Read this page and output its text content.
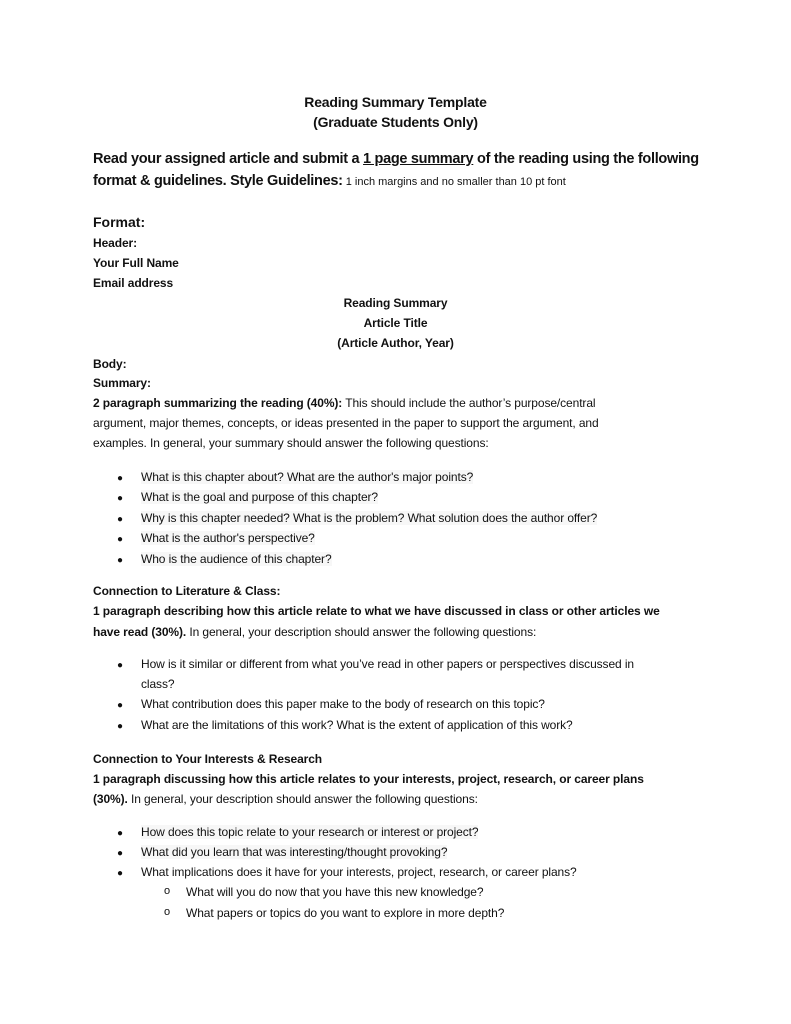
Reading Summary Template
(Graduate Students Only)
Read your assigned article and submit a 1 page summary of the reading using the following
format & guidelines. Style Guidelines: 1 inch margins and no smaller than 10 pt font
Format:
Header:
Your Full Name
Email address
Reading Summary
Article Title
(Article Author, Year)
Body:
Summary:
2 paragraph summarizing the reading (40%): This should include the author’s purpose/central
argument, major themes, concepts, or ideas presented in the paper to support the argument, and
examples. In general, your summary should answer the following questions:
● What is this chapter about? What are the author's major points?
● What is the goal and purpose of this chapter?
● Why is this chapter needed? What is the problem? What solution does the author offer?
● What is the author's perspective?
● Who is the audience of this chapter?
Connection to Literature & Class:
1 paragraph describing how this article relate to what we have discussed in class or other articles we
have read (30%). In general, your description should answer the following questions:
● How is it similar or different from what you’ve read in other papers or perspectives discussed in
class?
● What contribution does this paper make to the body of research on this topic?
● What are the limitations of this work? What is the extent of application of this work?
Connection to Your Interests & Research
1 paragraph discussing how this article relates to your interests, project, research, or career plans
(30%). In general, your description should answer the following questions:
● How does this topic relate to your research or interest or project?
● What did you learn that was interesting/thought provoking?
● What implications does it have for your interests, project, research, or career plans?
o What will you do now that you have this new knowledge?
o What papers or topics do you want to explore in more depth?
